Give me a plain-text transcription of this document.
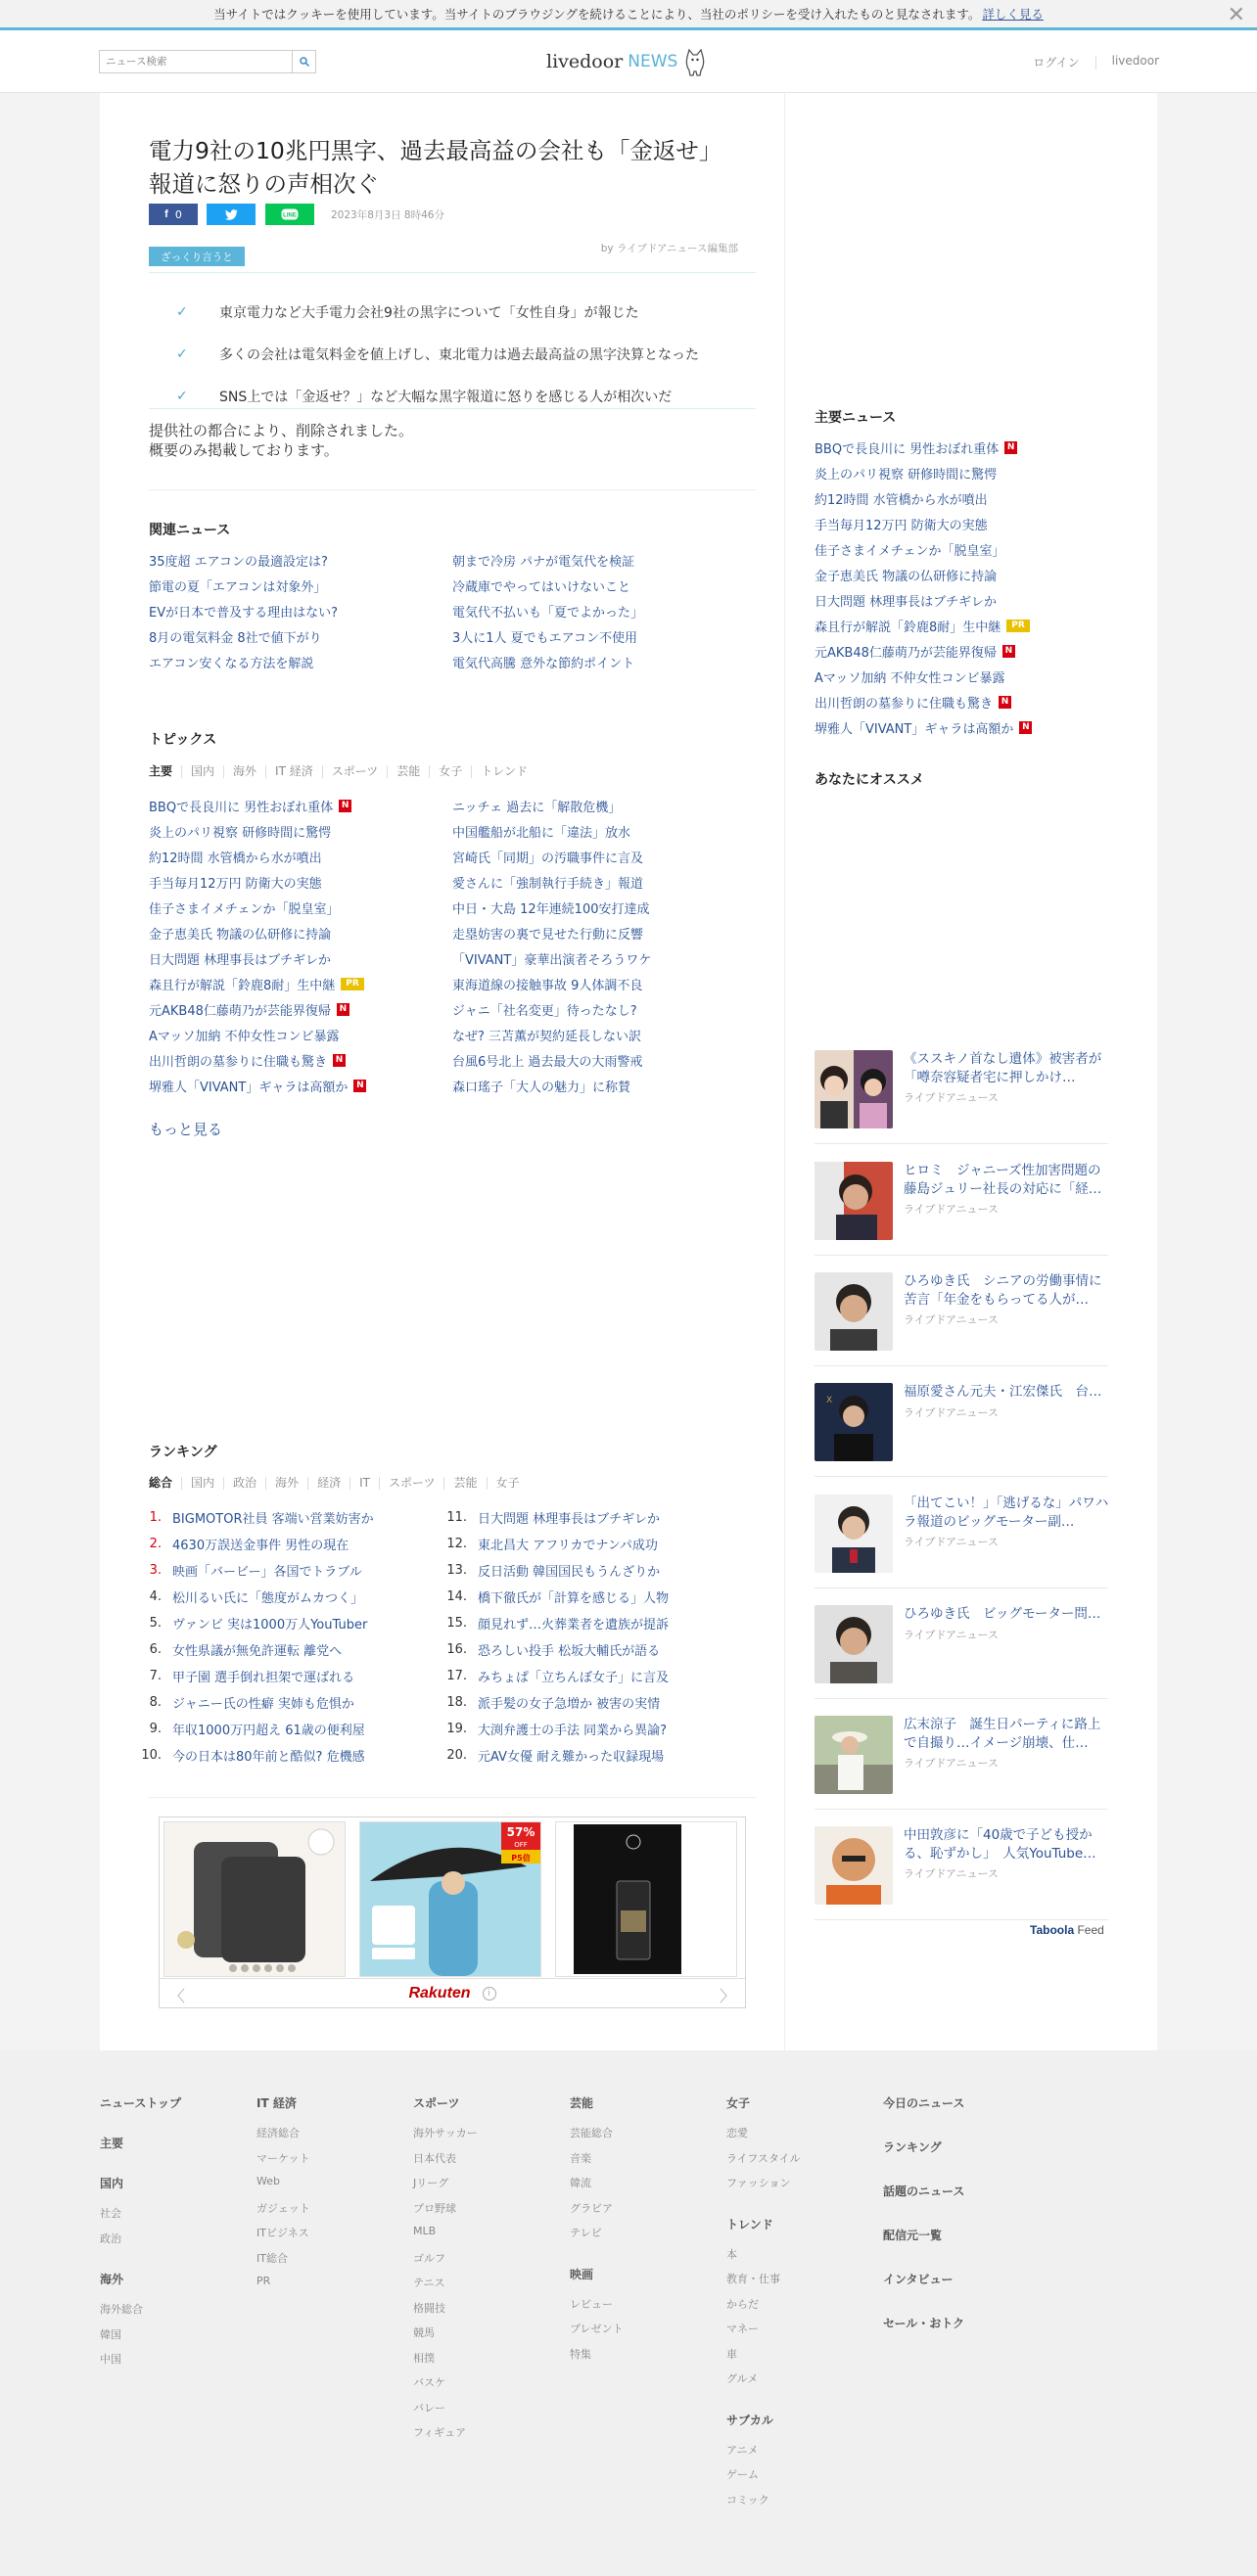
当サイトではクッキーを使用しています。当サイトのブラウジングを続けることにより、当社のポリシーを受け入れたものと見なされます。 詳しく見る	✕
ニュース検索
livedoor NEWS	ログイン	livedoor
電力9社の10兆円黒字、過去最高益の会社も「金返せ」報道に怒りの声相次ぐ
f
0	LINE	2023年8月3日 8時46分
by ライブドアニュース編集部
ざっくり言うと
✓	東京電力など大手電力会社9社の黒字について「女性自身」が報じた
✓	多くの会社は電気料金を値上げし、東北電力は過去最高益の黒字決算となった
✓	SNS上では「金返せ？」など大幅な黒字報道に怒りを感じる人が相次いだ
提供社の都合により、削除されました。
概要のみ掲載しております。
関連ニュース
35度超 エアコンの最適設定は?
節電の夏「エアコンは対象外」
EVが日本で普及する理由はない?
8月の電気料金 8社で値下がり
エアコン安くなる方法を解説
朝まで冷房 パナが電気代を検証
冷蔵庫でやってはいけないこと
電気代不払いも「夏でよかった」
3人に1人 夏でもエアコン不使用
電気代高騰 意外な節約ポイント
トピックス
主要	国内	海外	IT 経済	スポーツ	芸能	女子	トレンド
BBQで長良川に 男性おぼれ重体 N
炎上のパリ視察 研修時間に驚愕
約12時間 水管橋から水が噴出
手当毎月12万円 防衛大の実態
佳子さまイメチェンか「脱皇室」
金子恵美氏 物議の仏研修に持論
日大問題 林理事長はブチギレか
森且行が解説「鈴鹿8耐」生中継	PR
元AKB48仁藤萌乃が芸能界復帰 N
Aマッソ加納 不仲女性コンビ暴露
出川哲朗の墓参りに住職も驚き N
堺雅人「VIVANT」ギャラは高額か N
ニッチェ 過去に「解散危機」
中国艦船が北船に「違法」放水
宮崎氏「同期」の汚職事件に言及
愛さんに「強制執行手続き」報道
中日・大島 12年連続100安打達成
走塁妨害の裏で見せた行動に反響
「VIVANT」豪華出演者そろうワケ
東海道線の接触事故 9人体調不良
ジャニ「社名変更」待ったなし?
なぜ? 三苫薫が契約延長しない訳
台風6号北上 過去最大の大雨警戒
森口瑤子「大人の魅力」に称賛
もっと見る
ランキング
総合	国内	政治	海外	経済	IT	スポーツ	芸能	女子
1. BIGMOTOR社員 客端い営業妨害か
2. 4630万誤送金事件 男性の現在
3. 映画「バービー」各国でトラブル
4. 松川るい氏に「態度がムカつく」
5. ヴァンビ 実は1000万人YouTuber
6. 女性県議が無免許運転 離党へ
7. 甲子園 選手倒れ担架で運ばれる
8. ジャニー氏の性癖 実姉も危惧か
9. 年収1000万円超え 61歳の便利屋
10. 今の日本は80年前と酷似? 危機感
11. 日大問題 林理事長はブチギレか
12. 東北昌大 アフリカでナンパ成功
13. 反日活動 韓国国民もうんざりか
14. 橋下徹氏が「計算を感じる」人物
15. 顔見れず…火葬業者を遺族が提訴
16. 恐ろしい投手 松坂大輔氏が語る
17. みちょぱ「立ちんぼ女子」に言及
18. 派手髪の女子急増か 被害の実情
19. 大渕弁護士の手法 同業から異論?
20. 元AV女優 耐え難かった収録現場
57%
OFF
P5倍
〈	〉
Rakuten	i
主要ニュース
BBQで長良川に 男性おぼれ重体 N
炎上のパリ視察 研修時間に驚愕
約12時間 水管橋から水が噴出
手当毎月12万円 防衛大の実態
佳子さまイメチェンか「脱皇室」
金子恵美氏 物議の仏研修に持論
日大問題 林理事長はブチギレか
森且行が解説「鈴鹿8耐」生中継	PR
元AKB48仁藤萌乃が芸能界復帰 N
Aマッソ加納 不仲女性コンビ暴露
出川哲朗の墓参りに住職も驚き N
堺雅人「VIVANT」ギャラは高額か N
あなたにオススメ
《ススキノ首なし遺体》被害者が「噂奈容疑者宅に押しかけ…
ライブドアニュース
ヒロミ　ジャニーズ性加害問題の藤島ジュリー社長の対応に「経…
ライブドアニュース
ひろゆき氏　シニアの労働事情に苦言「年金をもらってる人が…
ライブドアニュース
X
福原愛さん元夫・江宏傑氏　台…
ライブドアニュース
「出てこい！」「逃げるな」パワハラ報道のビッグモーター副…
ライブドアニュース
ひろゆき氏　ビッグモーター問…
ライブドアニュース
広末涼子　誕生日パーティに路上で自撮り…イメージ崩壊、仕…
ライブドアニュース
中田敦彦に「40歳で子ども授かる、恥ずかし」　人気YouTube…
ライブドアニュース
Taboola Feed
ニューストップ
主要
国内
社会
政治
海外
海外総合
韓国
中国
IT 経済
経済総合
マーケット
Web
ガジェット
ITビジネス
IT総合
PR
スポーツ
海外サッカー
日本代表
Jリーグ
プロ野球
MLB
ゴルフ
テニス
格闘技
競馬
相撲
バスケ
バレー
フィギュア
芸能
芸能総合
音楽
韓流
グラビア
テレビ
映画
レビュー
プレゼント
特集
女子
恋愛
ライフスタイル
ファッション
トレンド
本
教育・仕事
からだ
マネー
車
グルメ
サブカル
アニメ
ゲーム
コミック
今日のニュース
ランキング
話題のニュース
配信元一覧
インタビュー
セール・おトク
